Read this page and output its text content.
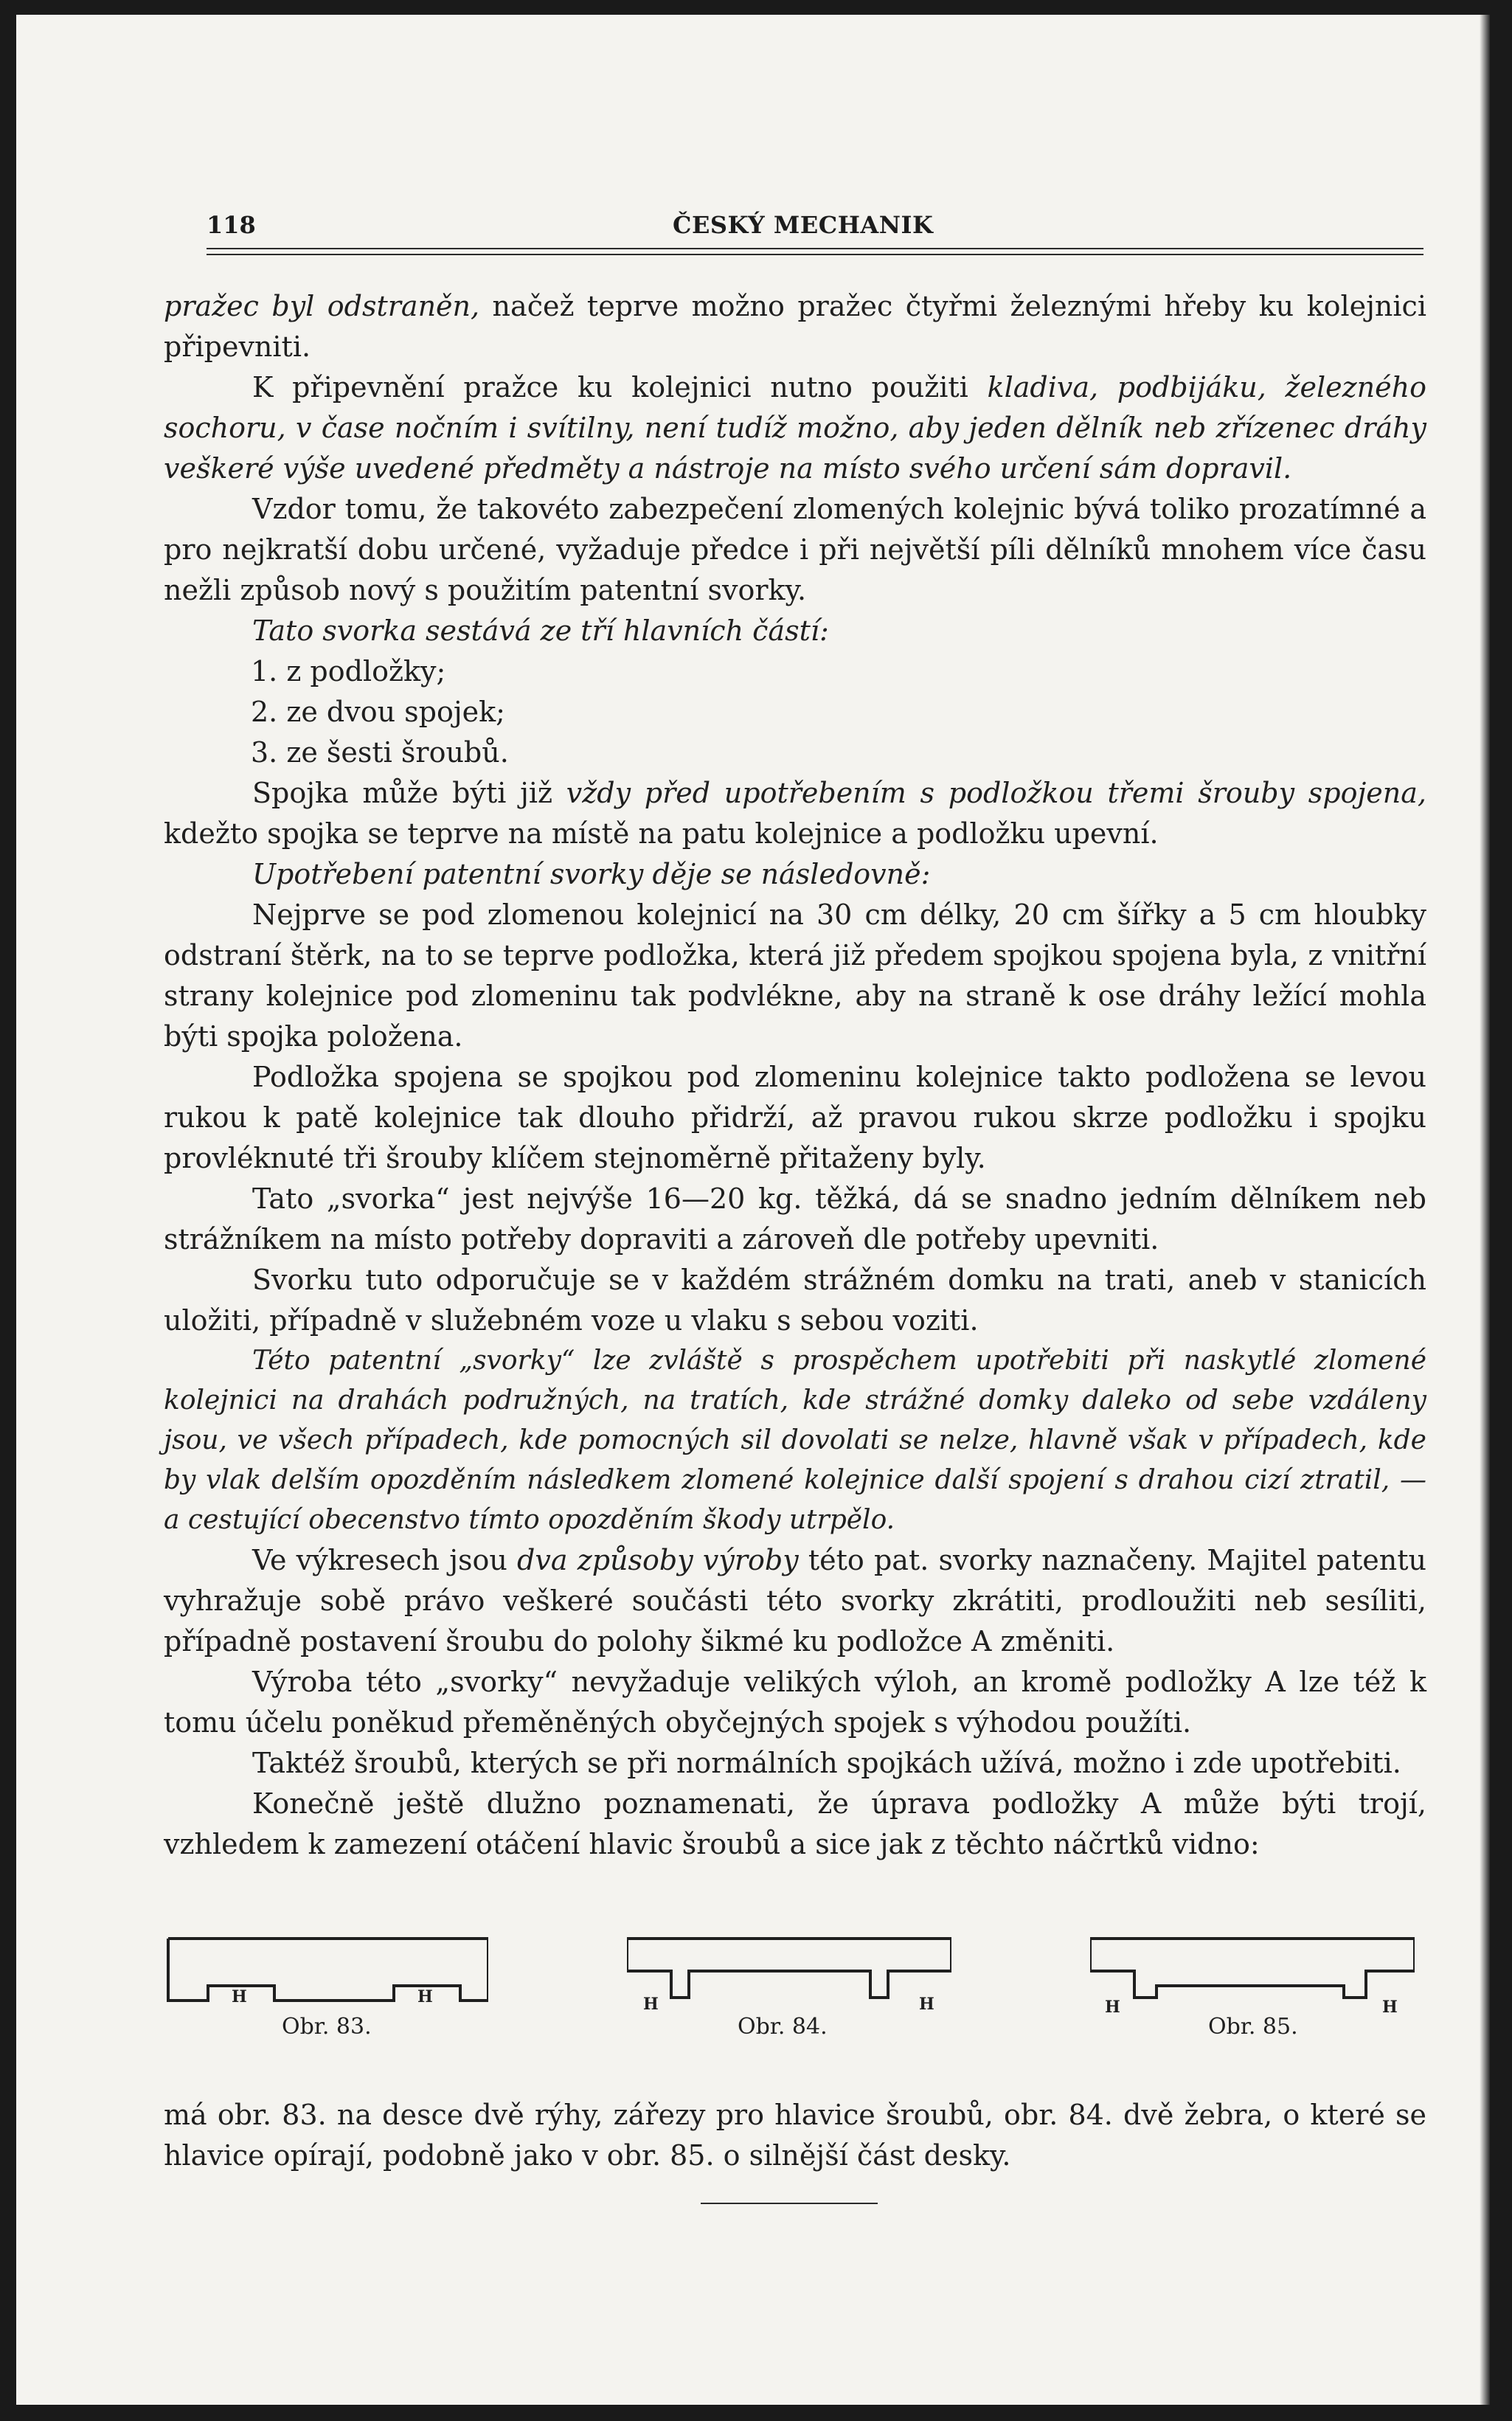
118	ČESKÝ MECHANIK

pražec byl odstraněn, načež teprve možno pražec čtyřmi železnými hřeby ku kolejnici připevniti.

K připevnění pražce ku kolejnici nutno použiti kladiva, podbijáku, železného sochoru, v čase nočním i svítilny, není tudíž možno, aby jeden dělník neb zřízenec dráhy veškeré výše uvedené předměty a nástroje na místo svého určení sám dopravil.

Vzdor tomu, že takovéto zabezpečení zlomených kolejnic bývá toliko prozatímné a pro nejkratší dobu určené, vyžaduje předce i při největší píli dělníků mnohem více času nežli způsob nový s použitím patentní svorky.

Tato svorka sestává ze tří hlavních částí:

1. z podložky;

2. ze dvou spojek;

3. ze šesti šroubů.

Spojka může býti již vždy před upotřebením s podložkou třemi šrouby spojena, kdežto spojka se teprve na místě na patu kolejnice a podložku upevní.

Upotřebení patentní svorky děje se následovně:

Nejprve se pod zlomenou kolejnicí na 30 cm délky, 20 cm šířky a 5 cm hloubky odstraní štěrk, na to se teprve podložka, která již předem spojkou spojena byla, z vnitřní strany kolejnice pod zlomeninu tak podvlékne, aby na straně k ose dráhy ležící mohla býti spojka položena.

Podložka spojena se spojkou pod zlomeninu kolejnice takto podložena se levou rukou k patě kolejnice tak dlouho přidrží, až pravou rukou skrze podložku i spojku provléknuté tři šrouby klíčem stejnoměrně přitaženy byly.

Tato „svorka“ jest nejvýše 16—20 kg. těžká, dá se snadno jedním dělníkem neb strážníkem na místo potřeby dopraviti a zároveň dle potřeby upevniti.

Svorku tuto odporučuje se v každém strážném domku na trati, aneb v stanicích uložiti, případně v služebném voze u vlaku s sebou voziti.

Této patentní „svorky“ lze zvláště s prospěchem upotřebiti při naskytlé zlomené kolejnici na drahách podružných, na tratích, kde strážné domky daleko od sebe vzdáleny jsou, ve všech případech, kde pomocných sil dovolati se nelze, hlavně však v případech, kde by vlak delším opozděním následkem zlomené kolejnice další spojení s drahou cizí ztratil, — a cestující obecenstvo tímto opozděním škody utrpělo.

Ve výkresech jsou dva způsoby výroby této pat. svorky naznačeny. Majitel patentu vyhražuje sobě právo veškeré součásti této svorky zkrátiti, prodloužiti neb sesíliti, případně postavení šroubu do polohy šikmé ku podložce A změniti.

Výroba této „svorky“ nevyžaduje velikých výloh, an kromě podložky A lze též k tomu účelu poněkud přeměněných obyčejných spojek s výhodou použíti.

Taktéž šroubů, kterých se při normálních spojkách užívá, možno i zde upotřebiti.

Konečně ještě dlužno poznamenati, že úprava podložky A může býti trojí, vzhledem k zamezení otáčení hlavic šroubů a sice jak z těchto náčrtků vidno:

H	H
Obr. 83.
H	H
Obr. 84.
H	H
Obr. 85.

má obr. 83. na desce dvě rýhy, zářezy pro hlavice šroubů, obr. 84. dvě žebra, o které se hlavice opírají, podobně jako v obr. 85. o silnější část desky.
